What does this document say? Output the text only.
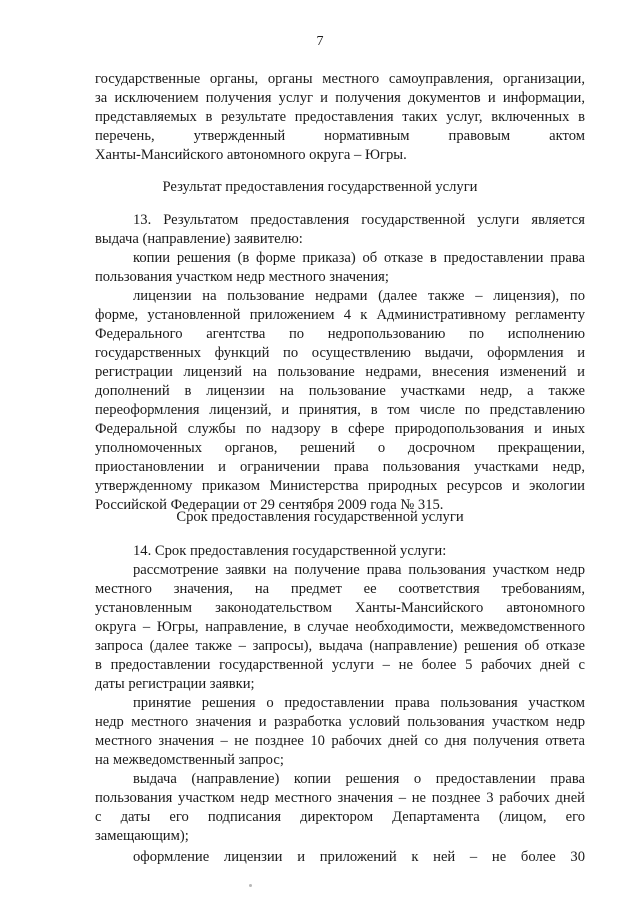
7
государственные органы, органы местного самоуправления, организации,
за исключением получения услуг и получения документов и информации,
представляемых в результате предоставления таких услуг, включенных в
перечень, утвержденный нормативным правовым актом
Ханты-Мансийского автономного округа – Югры.
Результат предоставления государственной услуги
13. Результатом предоставления государственной услуги является
выдача (направление) заявителю:
копии решения (в форме приказа) об отказе в предоставлении права
пользования участком недр местного значения;
лицензии на пользование недрами (далее также – лицензия), по
форме, установленной приложением 4 к Административному регламенту
Федерального агентства по недропользованию по исполнению
государственных функций по осуществлению выдачи, оформления и
регистрации лицензий на пользование недрами, внесения изменений и
дополнений в лицензии на пользование участками недр, а также
переоформления лицензий, и принятия, в том числе по представлению
Федеральной службы по надзору в сфере природопользования и иных
уполномоченных органов, решений о досрочном прекращении,
приостановлении и ограничении права пользования участками недр,
утвержденному приказом Министерства природных ресурсов и экологии
Российской Федерации от 29 сентября 2009 года № 315.
Срок предоставления государственной услуги
14. Срок предоставления государственной услуги:
рассмотрение заявки на получение права пользования участком недр
местного значения, на предмет ее соответствия требованиям,
установленным законодательством Ханты-Мансийского автономного
округа – Югры, направление, в случае необходимости, межведомственного
запроса (далее также – запросы), выдача (направление) решения об отказе
в предоставлении государственной услуги – не более 5 рабочих дней с
даты регистрации заявки;
принятие решения о предоставлении права пользования участком
недр местного значения и разработка условий пользования участком недр
местного значения – не позднее 10 рабочих дней со дня получения ответа
на межведомственный запрос;
выдача (направление) копии решения о предоставлении права
пользования участком недр местного значения – не позднее 3 рабочих дней
с даты его подписания директором Департамента (лицом, его
замещающим);
оформление лицензии и приложений к ней – не более 30
